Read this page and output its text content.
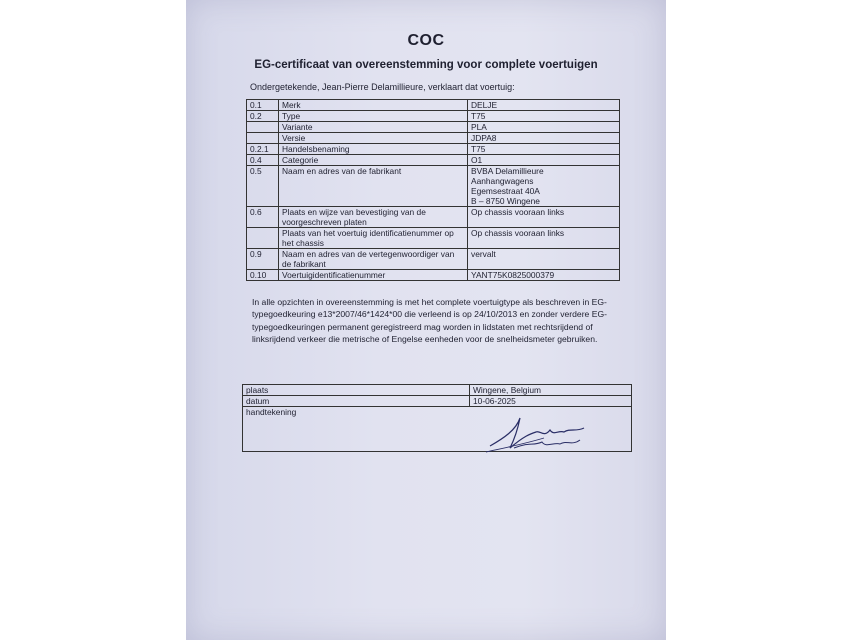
COC
EG-certificaat van overeenstemming voor complete voertuigen
Ondergetekende, Jean-Pierre Delamillieure, verklaart dat voertuig:
0.1	Merk	DELJE
0.2	Type	T75
	Variante	PLA
	Versie	JDPA8
0.2.1	Handelsbenaming	T75
0.4	Categorie	O1
0.5	Naam en adres van de fabrikant	BVBA Delamillieure
Aanhangwagens
Egemsestraat 40A
B – 8750 Wingene
0.6	Plaats en wijze van bevestiging van de voorgeschreven platen	Op chassis vooraan links
	Plaats van het voertuig identificatienummer op het chassis	Op chassis vooraan links
0.9	Naam en adres van de vertegenwoordiger van de fabrikant	vervalt
0.10	Voertuigidentificatienummer	YANT75K0825000379
In alle opzichten in overeenstemming is met het complete voertuigtype als beschreven in EG-typegoedkeuring e13*2007/46*1424*00 die verleend is op 24/10/2013 en zonder verdere EG-typegoedkeuringen permanent geregistreerd mag worden in lidstaten met rechtsrijdend of linksrijdend verkeer die metrische of Engelse eenheden voor de snelheidsmeter gebruiken.
plaats	Wingene, Belgium
datum	10-06-2025
handtekening	
